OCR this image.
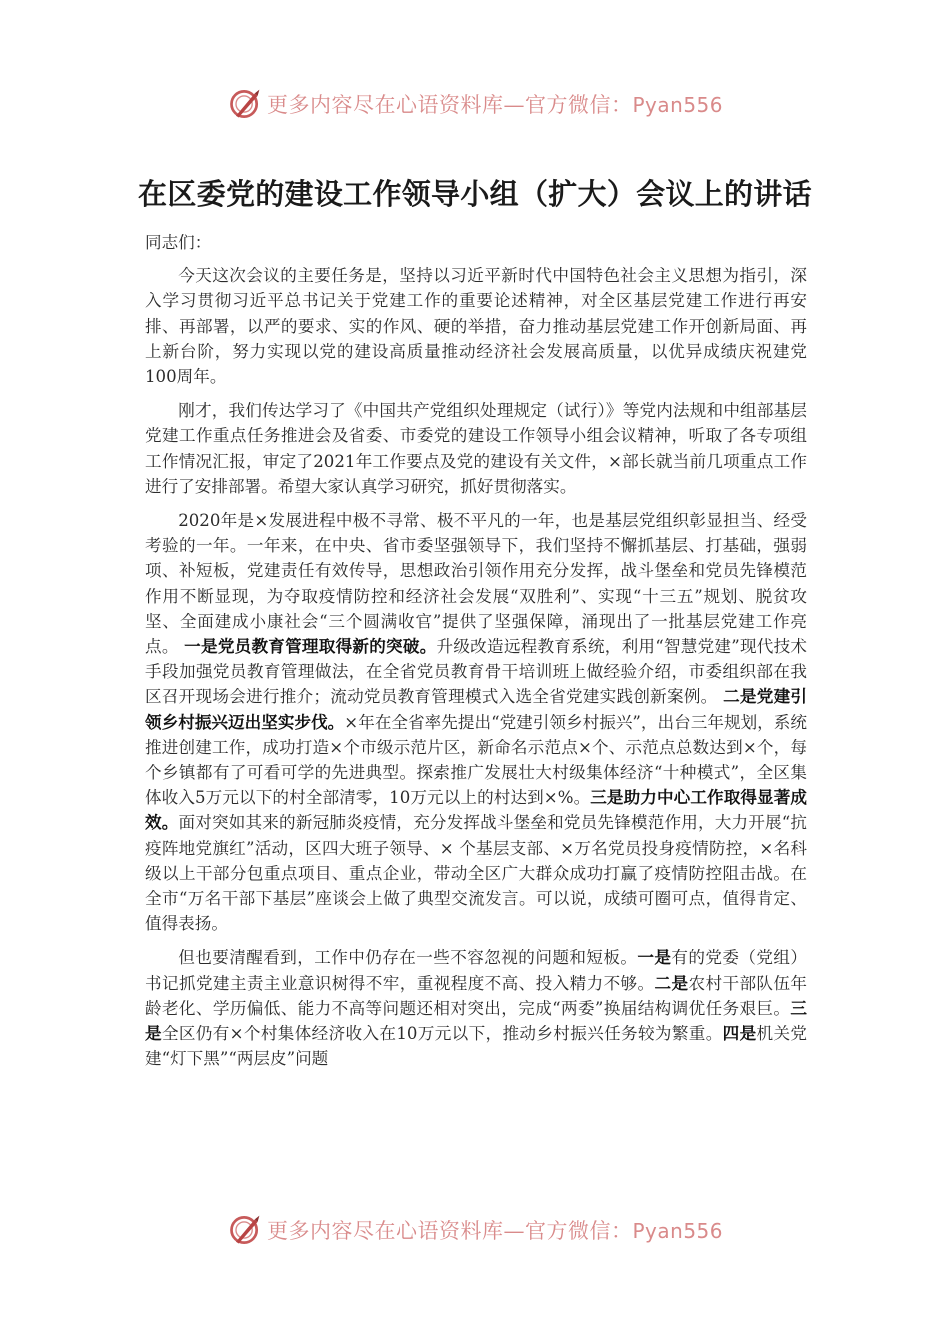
更多内容尽在心语资料库—官方微信：Pyan556
在区委党的建设工作领导小组（扩大）会议上的讲话

同志们：

今天这次会议的主要任务是，坚持以习近平新时代中国特色社会主义思想为指引，深入学习贯彻习近平总书记关于党建工作的重要论述精神，对全区基层党建工作进行再安排、再部署，以严的要求、实的作风、硬的举措，奋力推动基层党建工作开创新局面、再上新台阶，努力实现以党的建设高质量推动经济社会发展高质量，以优异成绩庆祝建党100周年。

刚才，我们传达学习了《中国共产党组织处理规定（试行）》等党内法规和中组部基层党建工作重点任务推进会及省委、市委党的建设工作领导小组会议精神，听取了各专项组工作情况汇报，审定了2021年工作要点及党的建设有关文件，×部长就当前几项重点工作进行了安排部署。希望大家认真学习研究，抓好贯彻落实。

2020年是×发展进程中极不寻常、极不平凡的一年，也是基层党组织彰显担当、经受考验的一年。一年来，在中央、省市委坚强领导下，我们坚持不懈抓基层、打基础，强弱项、补短板，党建责任有效传导，思想政治引领作用充分发挥，战斗堡垒和党员先锋模范作用不断显现，为夺取疫情防控和经济社会发展“双胜利”、实现“十三五”规划、脱贫攻坚、全面建成小康社会“三个圆满收官”提供了坚强保障，涌现出了一批基层党建工作亮点。 一是党员教育管理取得新的突破。升级改造远程教育系统，利用“智慧党建”现代技术手段加强党员教育管理做法，在全省党员教育骨干培训班上做经验介绍，市委组织部在我区召开现场会进行推介；流动党员教育管理模式入选全省党建实践创新案例。 二是党建引领乡村振兴迈出坚实步伐。×年在全省率先提出“党建引领乡村振兴”，出台三年规划，系统推进创建工作，成功打造×个市级示范片区，新命名示范点×个、示范点总数达到×个，每个乡镇都有了可看可学的先进典型。探索推广发展壮大村级集体经济“十种模式”，全区集体收入5万元以下的村全部清零，10万元以上的村达到×%。三是助力中心工作取得显著成效。面对突如其来的新冠肺炎疫情，充分发挥战斗堡垒和党员先锋模范作用，大力开展“抗疫阵地党旗红”活动，区四大班子领导、× 个基层支部、×万名党员投身疫情防控，×名科级以上干部分包重点项目、重点企业，带动全区广大群众成功打赢了疫情防控阻击战。在全市“万名干部下基层”座谈会上做了典型交流发言。可以说，成绩可圈可点，值得肯定、值得表扬。

但也要清醒看到，工作中仍存在一些不容忽视的问题和短板。一是有的党委（党组）书记抓党建主责主业意识树得不牢，重视程度不高、投入精力不够。二是农村干部队伍年龄老化、学历偏低、能力不高等问题还相对突出，完成“两委”换届结构调优任务艰巨。三是全区仍有×个村集体经济收入在10万元以下，推动乡村振兴任务较为繁重。四是机关党建“灯下黑”“两层皮”问题

更多内容尽在心语资料库—官方微信：Pyan556
